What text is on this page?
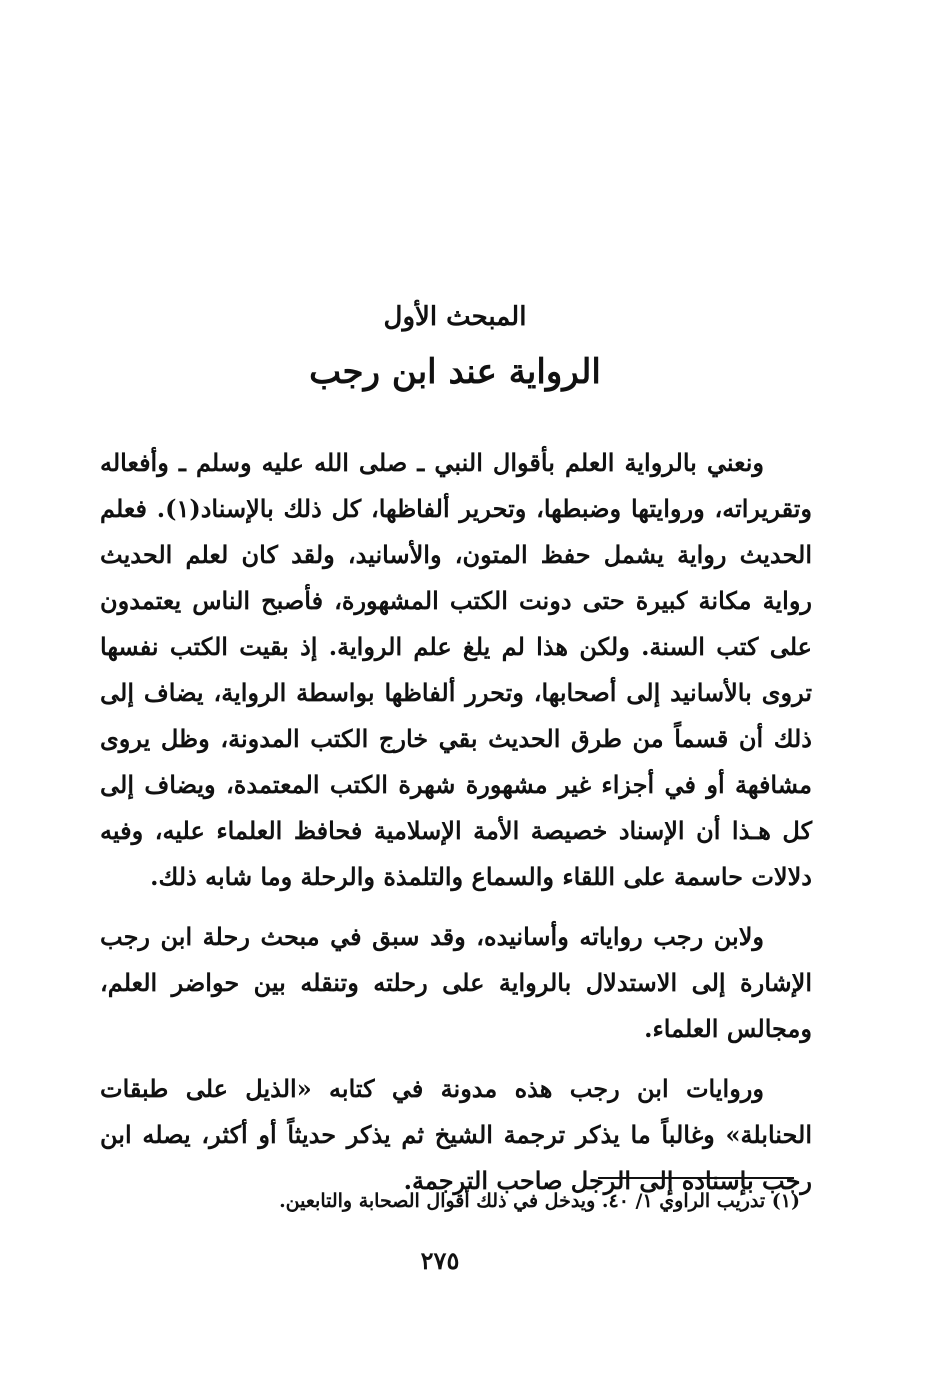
المبحث الأول
الرواية عند ابن رجب

ونعني بالرواية العلم بأقوال النبي ـ صلى الله عليه وسلم ـ وأفعاله وتقريراته، وروايتها وضبطها، وتحرير ألفاظها، كل ذلك بالإسناد(١). فعلم الحديث رواية يشمل حفظ المتون، والأسانيد، ولقد كان لعلم الحديث رواية مكانة كبيرة حتى دونت الكتب المشهورة، فأصبح الناس يعتمدون على كتب السنة. ولكن هذا لم يلغ علم الرواية. إذ بقيت الكتب نفسها تروى بالأسانيد إلى أصحابها، وتحرر ألفاظها بواسطة الرواية، يضاف إلى ذلك أن قسماً من طرق الحديث بقي خارج الكتب المدونة، وظل يروى مشافهة أو في أجزاء غير مشهورة شهرة الكتب المعتمدة، ويضاف إلى كل هـذا أن الإسناد خصيصة الأمة الإسلامية فحافظ العلماء عليه، وفيه دلالات حاسمة على اللقاء والسماع والتلمذة والرحلة وما شابه ذلك.

ولابن رجب رواياته وأسانيده، وقد سبق في مبحث رحلة ابن رجب الإشارة إلى الاستدلال بالرواية على رحلته وتنقله بين حواضر العلم، ومجالس العلماء.

وروايات ابن رجب هذه مدونة في كتابه «الذيل على طبقات الحنابلة» وغالباً ما يذكر ترجمة الشيخ ثم يذكر حديثاً أو أكثر، يصله ابن رجب بإسناده إلى الرجل صاحب الترجمة.

(١) تدريب الراوي ١/ ٤٠. ويدخل في ذلك أقوال الصحابة والتابعين.
٢٧٥
